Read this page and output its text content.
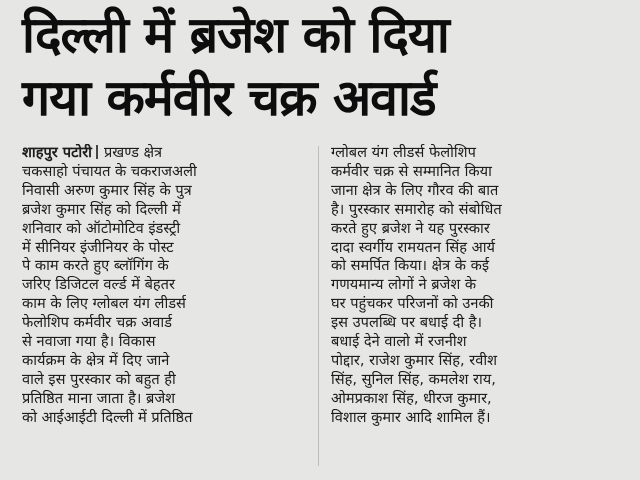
दिल्ली में ब्रजेश को दिया
गया कर्मवीर चक्र अवार्ड
शाहपुर पटोरी प्रखण्ड क्षेत्र
चकसाहो पंचायत के चकराजअली
निवासी अरुण कुमार सिंह के पुत्र
ब्रजेश कुमार सिंह को दिल्ली में
शनिवार को ऑटोमोटिव इंडस्ट्री
में सीनियर इंजीनियर के पोस्ट
पे काम करते हुए ब्लॉगिंग के
जरिए डिजिटल वर्ल्ड में बेहतर
काम के लिए ग्लोबल यंग लीडर्स
फेलोशिप कर्मवीर चक्र अवार्ड
से नवाजा गया है। विकास
कार्यक्रम के क्षेत्र में दिए जाने
वाले इस पुरस्कार को बहुत ही
प्रतिष्ठित माना जाता है। ब्रजेश
को आईआईटी दिल्ली में प्रतिष्ठित
ग्लोबल यंग लीडर्स फेलोशिप
कर्मवीर चक्र से सम्मानित किया
जाना क्षेत्र के लिए गौरव की बात
है। पुरस्कार समारोह को संबोधित
करते हुए ब्रजेश ने यह पुरस्कार
दादा स्वर्गीय रामयतन सिंह आर्य
को समर्पित किया। क्षेत्र के कई
गणयमान्य लोगों ने ब्रजेश के
घर पहुंचकर परिजनों को उनकी
इस उपलब्धि पर बधाई दी है।
बधाई देने वालो में रजनीश
पोद्दार, राजेश कुमार सिंह, रवीश
सिंह, सुनिल सिंह, कमलेश राय,
ओमप्रकाश सिंह, धीरज कुमार,
विशाल कुमार आदि शामिल हैं।
